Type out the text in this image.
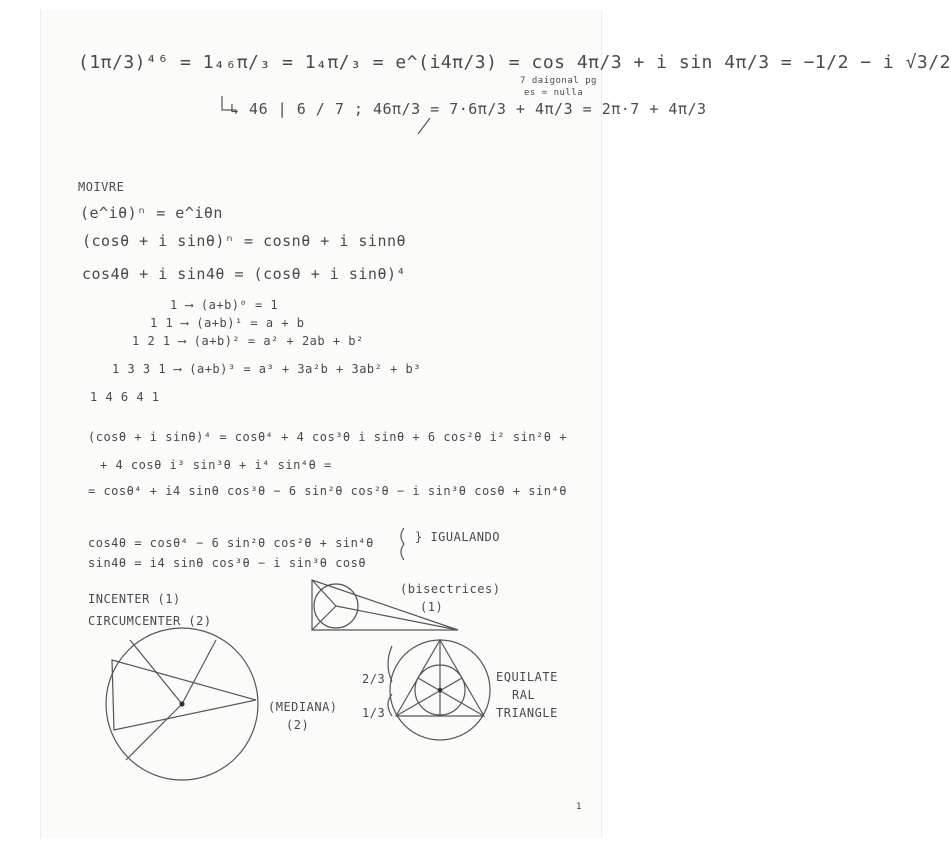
(1π/3)⁴⁶ = 1₄₆π/₃ = 1₄π/₃ = e^(i4π/3) = cos 4π/3 + i sin 4π/3 = −1/2 − i √3/2
7 daigonal pg
es = nulla
↳ 46 | 6 / 7 ; 46π/3 = 7·6π/3 + 4π/3 = 2π·7 + 4π/3
MOIVRE
(e^iθ)ⁿ = e^iθn
(cosθ + i sinθ)ⁿ = cosnθ + i sinnθ
cos4θ + i sin4θ = (cosθ + i sinθ)⁴
1 ⟶ (a+b)⁰ = 1
1 1 ⟶ (a+b)¹ = a + b
1 2 1 ⟶ (a+b)² = a² + 2ab + b²
1 3 3 1 ⟶ (a+b)³ = a³ + 3a²b + 3ab² + b³
1 4 6 4 1
(cosθ + i sinθ)⁴ = cosθ⁴ + 4 cos³θ i sinθ + 6 cos²θ i² sin²θ +
+ 4 cosθ i³ sin³θ + i⁴ sin⁴θ =
= cosθ⁴ + i4 sinθ cos³θ − 6 sin²θ cos²θ − i sin³θ cosθ + sin⁴θ
cos4θ = cosθ⁴ − 6 sin²θ cos²θ + sin⁴θ
sin4θ = i4 sinθ cos³θ − i sin³θ cosθ
} IGUALANDO
INCENTER (1)
CIRCUMCENTER (2)
(bisectrices)
(1)
(MEDIANA)
(2)
2/3
1/3
EQUILATE
RAL
TRIANGLE
1
